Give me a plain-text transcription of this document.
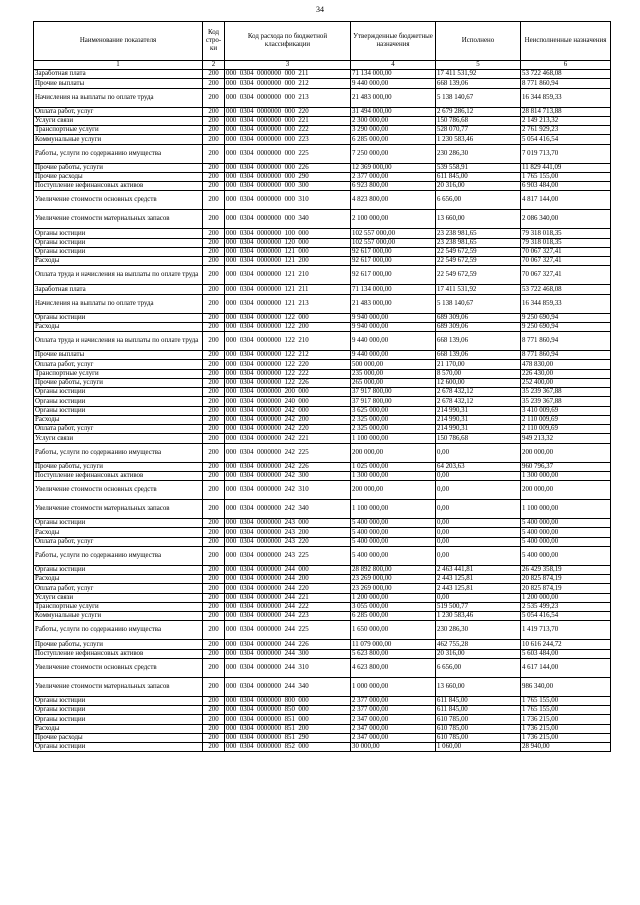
34
Наименование показателя	Код стро-ки	Код расхода по бюджетной классификации	Утвержденные бюджетные назначения	Исполнено	Неисполненные назначения
1	2	3	4	5	6
Заработная плата	200	000  0304  0000000  000  211	71 134 000,00	17 411 531,92	53 722 468,08
Прочие выплаты	200	000  0304  0000000  000  212	9 440 000,00	668 139,06	8 771 860,94
Начисления на выплаты по оплате труда	200	000  0304  0000000  000  213	21 483 000,00	5 138 140,67	16 344 859,33
Оплата работ, услуг	200	000  0304  0000000  000  220	31 494 000,00	2 679 286,12	28 814 713,88
Услуги связи	200	000  0304  0000000  000  221	2 300 000,00	150 786,68	2 149 213,32
Транспортные услуги	200	000  0304  0000000  000  222	3 290 000,00	528 070,77	2 761 929,23
Коммунальные услуги	200	000  0304  0000000  000  223	6 285 000,00	1 230 583,46	5 054 416,54
Работы, услуги по содержанию имущества	200	000  0304  0000000  000  225	7 250 000,00	230 286,30	7 019 713,70
Прочие работы, услуги	200	000  0304  0000000  000  226	12 369 000,00	539 558,91	11 829 441,09
Прочие расходы	200	000  0304  0000000  000  290	2 377 000,00	611 845,00	1 765 155,00
Поступление нефинансовых активов	200	000  0304  0000000  000  300	6 923 800,00	20 316,00	6 903 484,00
Увеличение стоимости основных средств	200	000  0304  0000000  000  310	4 823 800,00	6 656,00	4 817 144,00
Увеличение стоимости материальных запасов	200	000  0304  0000000  000  340	2 100 000,00	13 660,00	2 086 340,00
Органы юстиции	200	000  0304  0000000  100  000	102 557 000,00	23 238 981,65	79 318 018,35
Органы юстиции	200	000  0304  0000000  120  000	102 557 000,00	23 238 981,65	79 318 018,35
Органы юстиции	200	000  0304  0000000  121  000	92 617 000,00	22 549 672,59	70 067 327,41
Расходы	200	000  0304  0000000  121  200	92 617 000,00	22 549 672,59	70 067 327,41
Оплата труда и начисления на выплаты по оплате труда	200	000  0304  0000000  121  210	92 617 000,00	22 549 672,59	70 067 327,41
Заработная плата	200	000  0304  0000000  121  211	71 134 000,00	17 411 531,92	53 722 468,08
Начисления на выплаты по оплате труда	200	000  0304  0000000  121  213	21 483 000,00	5 138 140,67	16 344 859,33
Органы юстиции	200	000  0304  0000000  122  000	9 940 000,00	689 309,06	9 250 690,94
Расходы	200	000  0304  0000000  122  200	9 940 000,00	689 309,06	9 250 690,94
Оплата труда и начисления на выплаты по оплате труда	200	000  0304  0000000  122  210	9 440 000,00	668 139,06	8 771 860,94
Прочие выплаты	200	000  0304  0000000  122  212	9 440 000,00	668 139,06	8 771 860,94
Оплата работ, услуг	200	000  0304  0000000  122  220	500 000,00	21 170,00	478 830,00
Транспортные услуги	200	000  0304  0000000  122  222	235 000,00	8 570,00	226 430,00
Прочие работы, услуги	200	000  0304  0000000  122  226	265 000,00	12 600,00	252 400,00
Органы юстиции	200	000  0304  0000000  200  000	37 917 800,00	2 678 432,12	35 239 367,88
Органы юстиции	200	000  0304  0000000  240  000	37 917 800,00	2 678 432,12	35 239 367,88
Органы юстиции	200	000  0304  0000000  242  000	3 625 000,00	214 990,31	3 410 009,69
Расходы	200	000  0304  0000000  242  200	2 325 000,00	214 990,31	2 110 009,69
Оплата работ, услуг	200	000  0304  0000000  242  220	2 325 000,00	214 990,31	2 110 009,69
Услуги связи	200	000  0304  0000000  242  221	1 100 000,00	150 786,68	949 213,32
Работы, услуги по содержанию имущества	200	000  0304  0000000  242  225	200 000,00	0,00	200 000,00
Прочие работы, услуги	200	000  0304  0000000  242  226	1 025 000,00	64 203,63	960 796,37
Поступление нефинансовых активов	200	000  0304  0000000  242  300	1 300 000,00	0,00	1 300 000,00
Увеличение стоимости основных средств	200	000  0304  0000000  242  310	200 000,00	0,00	200 000,00
Увеличение стоимости материальных запасов	200	000  0304  0000000  242  340	1 100 000,00	0,00	1 100 000,00
Органы юстиции	200	000  0304  0000000  243  000	5 400 000,00	0,00	5 400 000,00
Расходы	200	000  0304  0000000  243  200	5 400 000,00	0,00	5 400 000,00
Оплата работ, услуг	200	000  0304  0000000  243  220	5 400 000,00	0,00	5 400 000,00
Работы, услуги по содержанию имущества	200	000  0304  0000000  243  225	5 400 000,00	0,00	5 400 000,00
Органы юстиции	200	000  0304  0000000  244  000	28 892 800,00	2 463 441,81	26 429 358,19
Расходы	200	000  0304  0000000  244  200	23 269 000,00	2 443 125,81	20 825 874,19
Оплата работ, услуг	200	000  0304  0000000  244  220	23 269 000,00	2 443 125,81	20 825 874,19
Услуги связи	200	000  0304  0000000  244  221	1 200 000,00	0,00	1 200 000,00
Транспортные услуги	200	000  0304  0000000  244  222	3 055 000,00	519 500,77	2 535 499,23
Коммунальные услуги	200	000  0304  0000000  244  223	6 285 000,00	1 230 583,46	5 054 416,54
Работы, услуги по содержанию имущества	200	000  0304  0000000  244  225	1 650 000,00	230 286,30	1 419 713,70
Прочие работы, услуги	200	000  0304  0000000  244  226	11 079 000,00	462 755,28	10 616 244,72
Поступление нефинансовых активов	200	000  0304  0000000  244  300	5 623 800,00	20 316,00	5 603 484,00
Увеличение стоимости основных средств	200	000  0304  0000000  244  310	4 623 800,00	6 656,00	4 617 144,00
Увеличение стоимости материальных запасов	200	000  0304  0000000  244  340	1 000 000,00	13 660,00	986 340,00
Органы юстиции	200	000  0304  0000000  800  000	2 377 000,00	611 845,00	1 765 155,00
Органы юстиции	200	000  0304  0000000  850  000	2 377 000,00	611 845,00	1 765 155,00
Органы юстиции	200	000  0304  0000000  851  000	2 347 000,00	610 785,00	1 736 215,00
Расходы	200	000  0304  0000000  851  200	2 347 000,00	610 785,00	1 736 215,00
Прочие расходы	200	000  0304  0000000  851  290	2 347 000,00	610 785,00	1 736 215,00
Органы юстиции	200	000  0304  0000000  852  000	30 000,00	1 060,00	28 940,00
